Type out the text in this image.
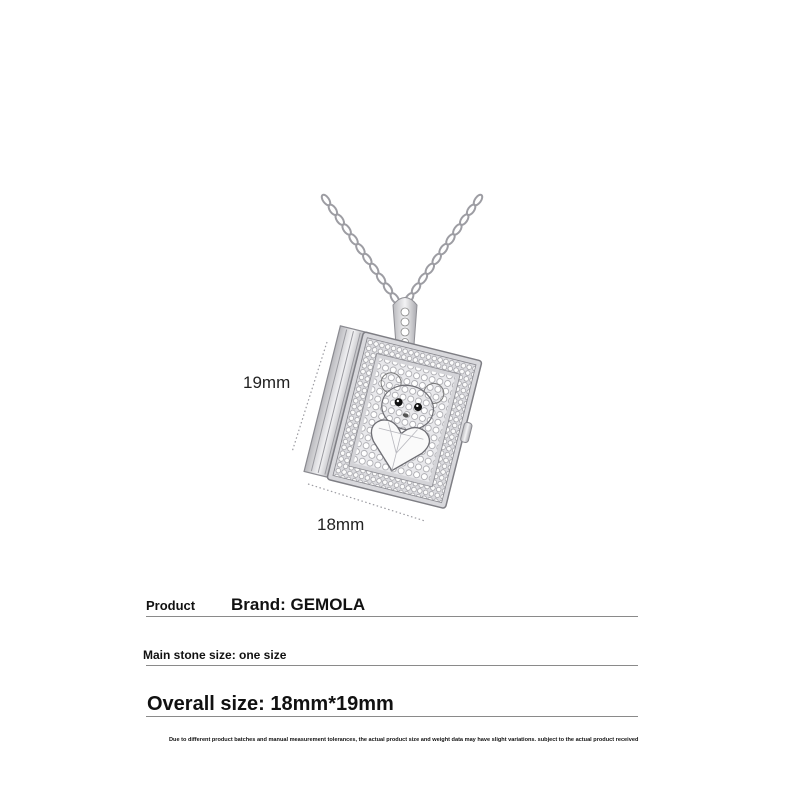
19mm
18mm
Product Brand: GEMOLA
Main stone size: one size
Overall size: 18mm*19mm
Due to different product batches and manual measurement tolerances, the actual product size and weight data may have slight variations. subject to the actual product received
